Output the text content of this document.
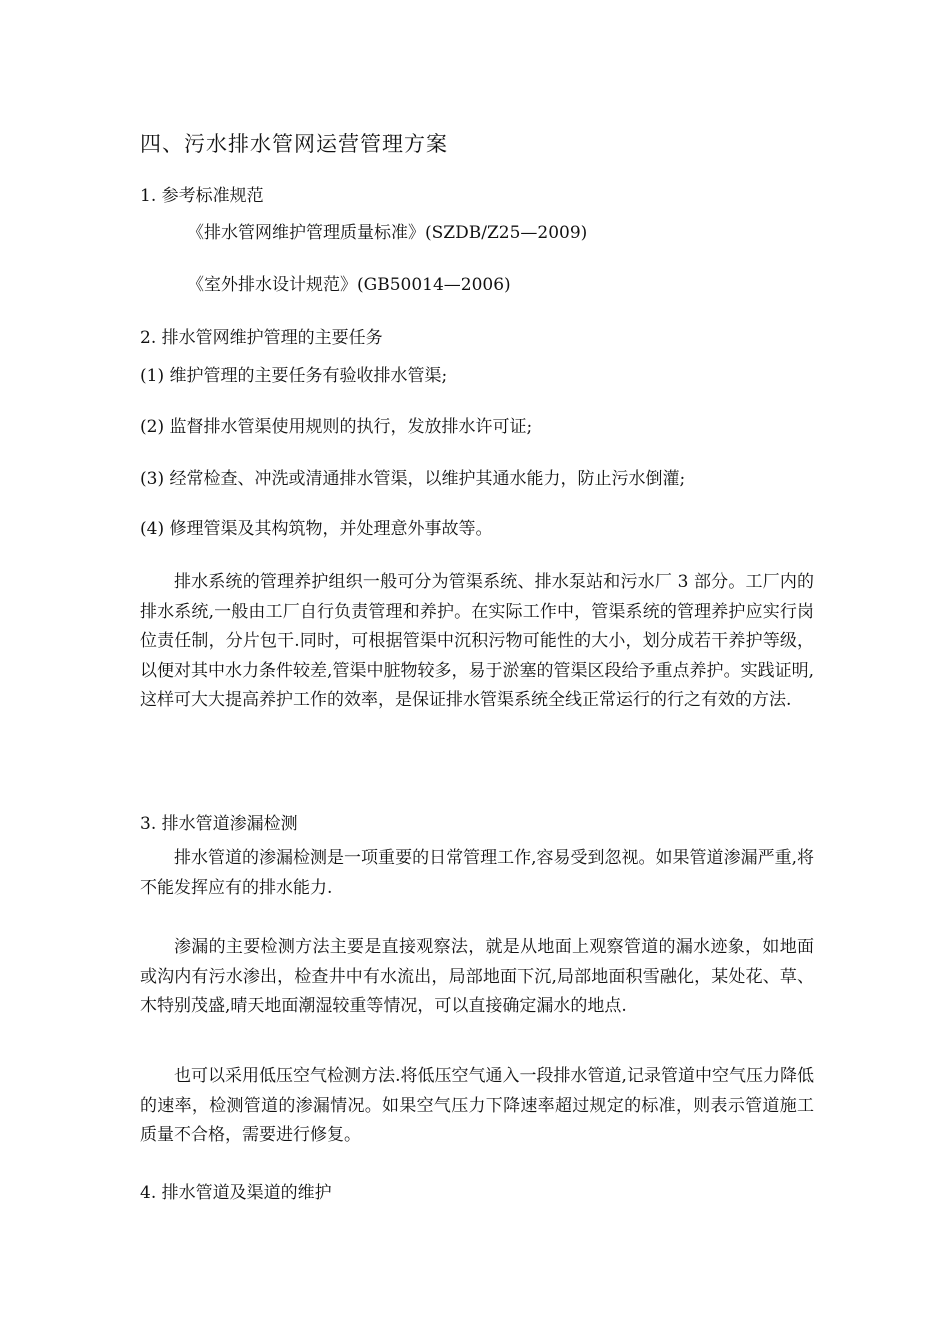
四、污水排水管网运营管理方案
1. 参考标准规范
《排水管网维护管理质量标准》(SZDB/Z25—2009)
《室外排水设计规范》(GB50014—2006)
2. 排水管网维护管理的主要任务
(1) 维护管理的主要任务有验收排水管渠;
(2) 监督排水管渠使用规则的执行，发放排水许可证;
(3) 经常检查、冲洗或清通排水管渠，以维护其通水能力，防止污水倒灌;
(4) 修理管渠及其构筑物，并处理意外事故等。
排水系统的管理养护组织一般可分为管渠系统、排水泵站和污水厂 3 部分。工厂内的排水系统,一般由工厂自行负责管理和养护。在实际工作中，管渠系统的管理养护应实行岗位责任制，分片包干.同时，可根据管渠中沉积污物可能性的大小，划分成若干养护等级，以便对其中水力条件较差,管渠中脏物较多，易于淤塞的管渠区段给予重点养护。实践证明,这样可大大提高养护工作的效率，是保证排水管渠系统全线正常运行的行之有效的方法.
3. 排水管道渗漏检测
排水管道的渗漏检测是一项重要的日常管理工作,容易受到忽视。如果管道渗漏严重,将不能发挥应有的排水能力.
渗漏的主要检测方法主要是直接观察法，就是从地面上观察管道的漏水迹象，如地面或沟内有污水渗出，检查井中有水流出，局部地面下沉,局部地面积雪融化，某处花、草、木特别茂盛,晴天地面潮湿较重等情况，可以直接确定漏水的地点.
也可以采用低压空气检测方法.将低压空气通入一段排水管道,记录管道中空气压力降低的速率，检测管道的渗漏情况。如果空气压力下降速率超过规定的标准，则表示管道施工质量不合格，需要进行修复。
4. 排水管道及渠道的维护
